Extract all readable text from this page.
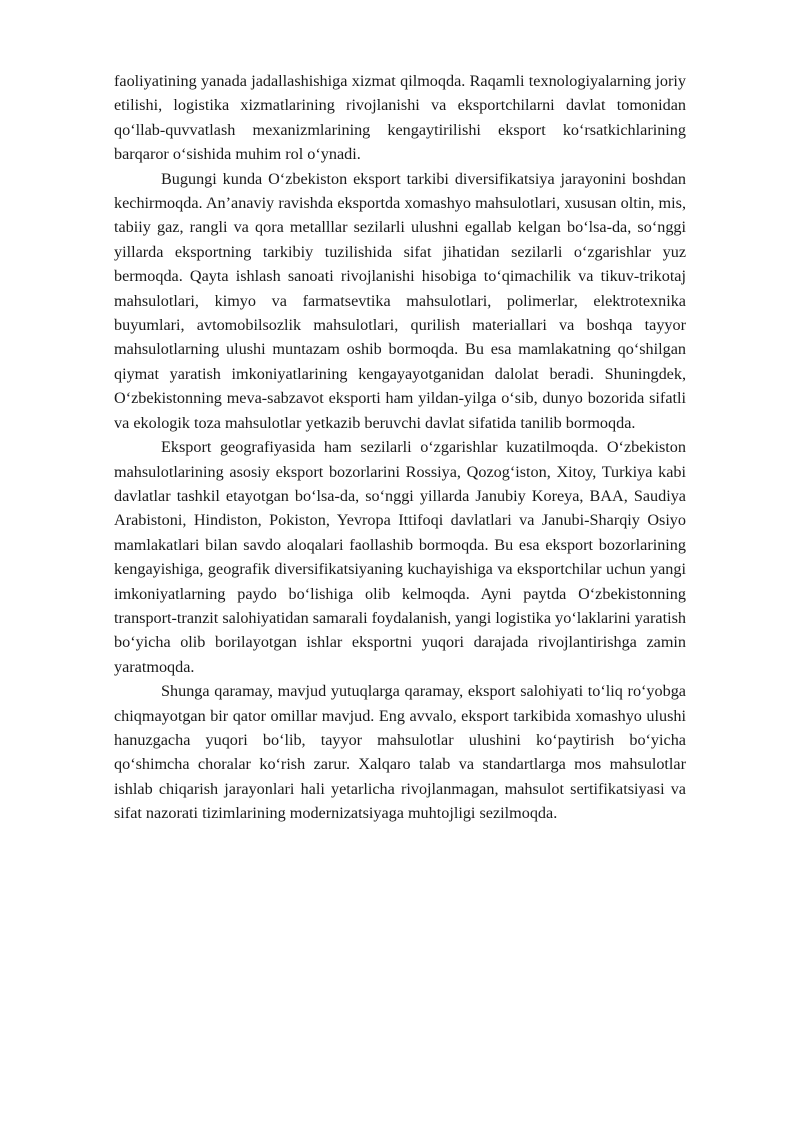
faoliyatining yanada jadallashishiga xizmat qilmoqda. Raqamli texnologiyalarning joriy etilishi, logistika xizmatlarining rivojlanishi va eksportchilarni davlat tomonidan qo‘llab-quvvatlash mexanizmlarining kengaytirilishi eksport ko‘rsatkichlarining barqaror o‘sishida muhim rol o‘ynadi.

Bugungi kunda O‘zbekiston eksport tarkibi diversifikatsiya jarayonini boshdan kechirmoqda. An’anaviy ravishda eksportda xomashyo mahsulotlari, xususan oltin, mis, tabiiy gaz, rangli va qora metalllar sezilarli ulushni egallab kelgan bo‘lsa-da, so‘nggi yillarda eksportning tarkibiy tuzilishida sifat jihatidan sezilarli o‘zgarishlar yuz bermoqda. Qayta ishlash sanoati rivojlanishi hisobiga to‘qimachilik va tikuv-trikotaj mahsulotlari, kimyo va farmatsevtika mahsulotlari, polimerlar, elektrotexnika buyumlari, avtomobilsozlik mahsulotlari, qurilish materiallari va boshqa tayyor mahsulotlarning ulushi muntazam oshib bormoqda. Bu esa mamlakatning qo‘shilgan qiymat yaratish imkoniyatlarining kengayayotganidan dalolat beradi. Shuningdek, O‘zbekistonning meva-sabzavot eksporti ham yildan-yilga o‘sib, dunyo bozorida sifatli va ekologik toza mahsulotlar yetkazib beruvchi davlat sifatida tanilib bormoqda.

Eksport geografiyasida ham sezilarli o‘zgarishlar kuzatilmoqda. O‘zbekiston mahsulotlarining asosiy eksport bozorlarini Rossiya, Qozog‘iston, Xitoy, Turkiya kabi davlatlar tashkil etayotgan bo‘lsa-da, so‘nggi yillarda Janubiy Koreya, BAA, Saudiya Arabistoni, Hindiston, Pokiston, Yevropa Ittifoqi davlatlari va Janubi-Sharqiy Osiyo mamlakatlari bilan savdo aloqalari faollashib bormoqda. Bu esa eksport bozorlarining kengayishiga, geografik diversifikatsiyaning kuchayishiga va eksportchilar uchun yangi imkoniyatlarning paydo bo‘lishiga olib kelmoqda. Ayni paytda O‘zbekistonning transport-tranzit salohiyatidan samarali foydalanish, yangi logistika yo‘laklarini yaratish bo‘yicha olib borilayotgan ishlar eksportni yuqori darajada rivojlantirishga zamin yaratmoqda.

Shunga qaramay, mavjud yutuqlarga qaramay, eksport salohiyati to‘liq ro‘yobga chiqmayotgan bir qator omillar mavjud. Eng avvalo, eksport tarkibida xomashyo ulushi hanuzgacha yuqori bo‘lib, tayyor mahsulotlar ulushini ko‘paytirish bo‘yicha qo‘shimcha choralar ko‘rish zarur. Xalqaro talab va standartlarga mos mahsulotlar ishlab chiqarish jarayonlari hali yetarlicha rivojlanmagan, mahsulot sertifikatsiyasi va sifat nazorati tizimlarining modernizatsiyaga muhtojligi sezilmoqda.
